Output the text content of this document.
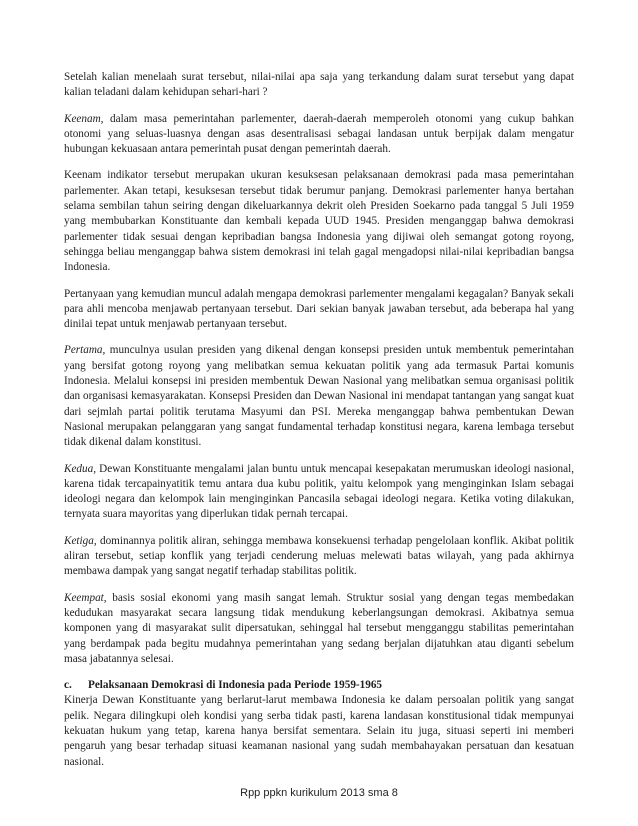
Setelah kalian menelaah surat tersebut, nilai-nilai apa saja yang terkandung dalam surat tersebut yang dapat kalian teladani dalam kehidupan sehari-hari ?

Keenam, dalam masa pemerintahan parlementer, daerah-daerah memperoleh otonomi yang cukup bahkan otonomi yang seluas-luasnya dengan asas desentralisasi sebagai landasan untuk berpijak dalam mengatur hubungan kekuasaan antara pemerintah pusat dengan pemerintah daerah.

Keenam indikator tersebut merupakan ukuran kesuksesan pelaksanaan demokrasi pada masa pemerintahan parlementer. Akan tetapi, kesuksesan tersebut tidak berumur panjang. Demokrasi parlementer hanya bertahan selama sembilan tahun seiring dengan dikeluarkannya dekrit oleh Presiden Soekarno pada tanggal 5 Juli 1959 yang membubarkan Konstituante dan kembali kepada UUD 1945. Presiden menganggap bahwa demokrasi parlementer tidak sesuai dengan kepribadian bangsa Indonesia yang dijiwai oleh semangat gotong royong, sehingga beliau menganggap bahwa sistem demokrasi ini telah gagal mengadopsi nilai-nilai kepribadian bangsa Indonesia.

Pertanyaan yang kemudian muncul adalah mengapa demokrasi parlementer mengalami kegagalan? Banyak sekali para ahli mencoba menjawab pertanyaan tersebut. Dari sekian banyak jawaban tersebut, ada beberapa hal yang dinilai tepat untuk menjawab pertanyaan tersebut.

Pertama, munculnya usulan presiden yang dikenal dengan konsepsi presiden untuk membentuk pemerintahan yang bersifat gotong royong yang melibatkan semua kekuatan politik yang ada termasuk Partai komunis Indonesia. Melalui konsepsi ini presiden membentuk Dewan Nasional yang melibatkan semua organisasi politik dan organisasi kemasyarakatan. Konsepsi Presiden dan Dewan Nasional ini mendapat tantangan yang sangat kuat dari sejmlah partai politik terutama Masyumi dan PSI. Mereka menganggap bahwa pembentukan Dewan Nasional merupakan pelanggaran yang sangat fundamental terhadap konstitusi negara, karena lembaga tersebut tidak dikenal dalam konstitusi.

Kedua, Dewan Konstituante mengalami jalan buntu untuk mencapai kesepakatan merumuskan ideologi nasional, karena tidak tercapainyatitik temu antara dua kubu politik, yaitu kelompok yang menginginkan Islam sebagai ideologi negara dan kelompok lain menginginkan Pancasila sebagai ideologi negara. Ketika voting dilakukan, ternyata suara mayoritas yang diperlukan tidak pernah tercapai.

Ketiga, dominannya politik aliran, sehingga membawa konsekuensi terhadap pengelolaan konflik. Akibat politik aliran tersebut, setiap konflik yang terjadi cenderung meluas melewati batas wilayah, yang pada akhirnya membawa dampak yang sangat negatif terhadap stabilitas politik.

Keempat, basis sosial ekonomi yang masih sangat lemah. Struktur sosial yang dengan tegas membedakan kedudukan masyarakat secara langsung tidak mendukung keberlangsungan demokrasi. Akibatnya semua komponen yang di masyarakat sulit dipersatukan, sehinggal hal tersebut mengganggu stabilitas pemerintahan yang berdampak pada begitu mudahnya pemerintahan yang sedang berjalan dijatuhkan atau diganti sebelum masa jabatannya selesai.

c.	Pelaksanaan Demokrasi di Indonesia pada Periode 1959-1965

Kinerja Dewan Konstituante yang berlarut-larut membawa Indonesia ke dalam persoalan politik yang sangat pelik. Negara dilingkupi oleh kondisi yang serba tidak pasti, karena landasan konstitusional tidak mempunyai kekuatan hukum yang tetap, karena hanya bersifat sementara. Selain itu juga, situasi seperti ini memberi pengaruh yang besar terhadap situasi keamanan nasional yang sudah membahayakan persatuan dan kesatuan nasional.

Rpp ppkn kurikulum 2013 sma 8
